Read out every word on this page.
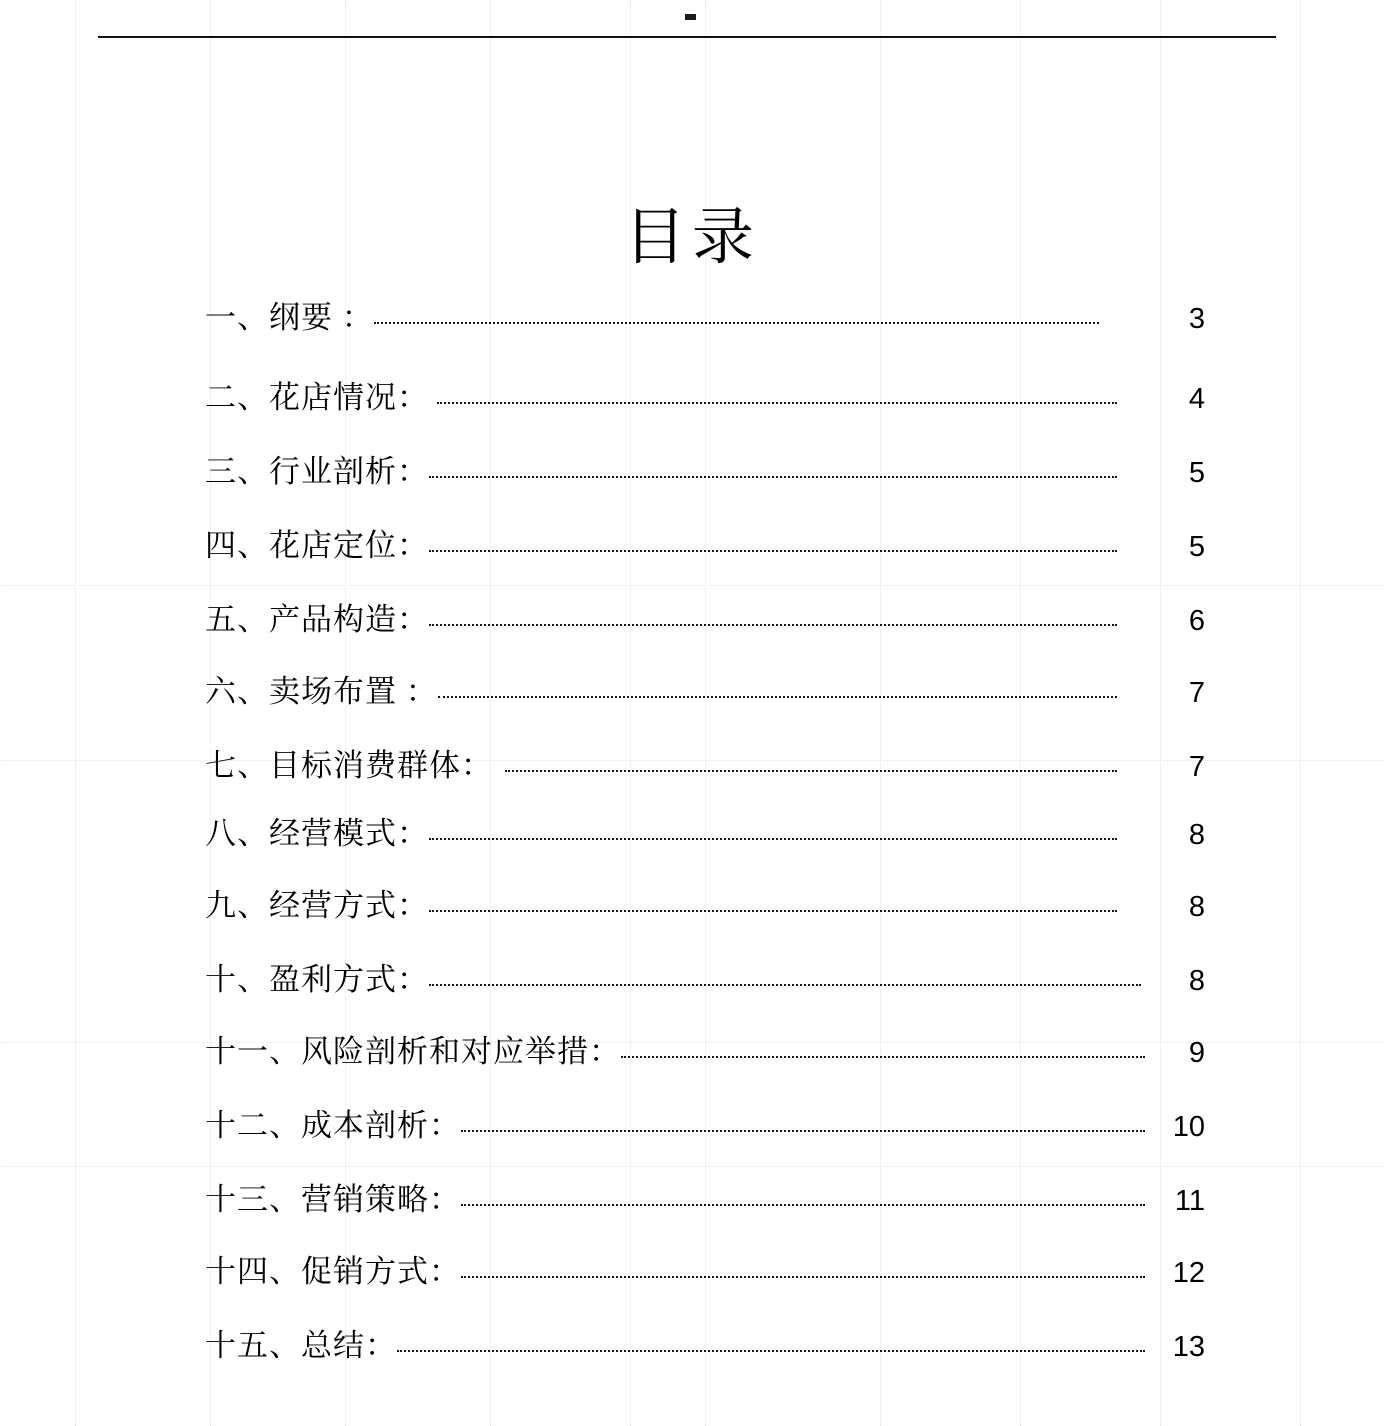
目录
一、纲要 ：	3
二、花店情况：	4
三、行业剖析：	5
四、花店定位：	5
五、产品构造：	6
六、卖场布置 ：	7
七、目标消费群体：	7
八、经营模式：	8
九、经营方式：	8
十、盈利方式：	8
十一、风险剖析和对应举措：	9
十二、成本剖析：	10
十三、营销策略：	11
十四、促销方式：	12
十五、总结：	13
